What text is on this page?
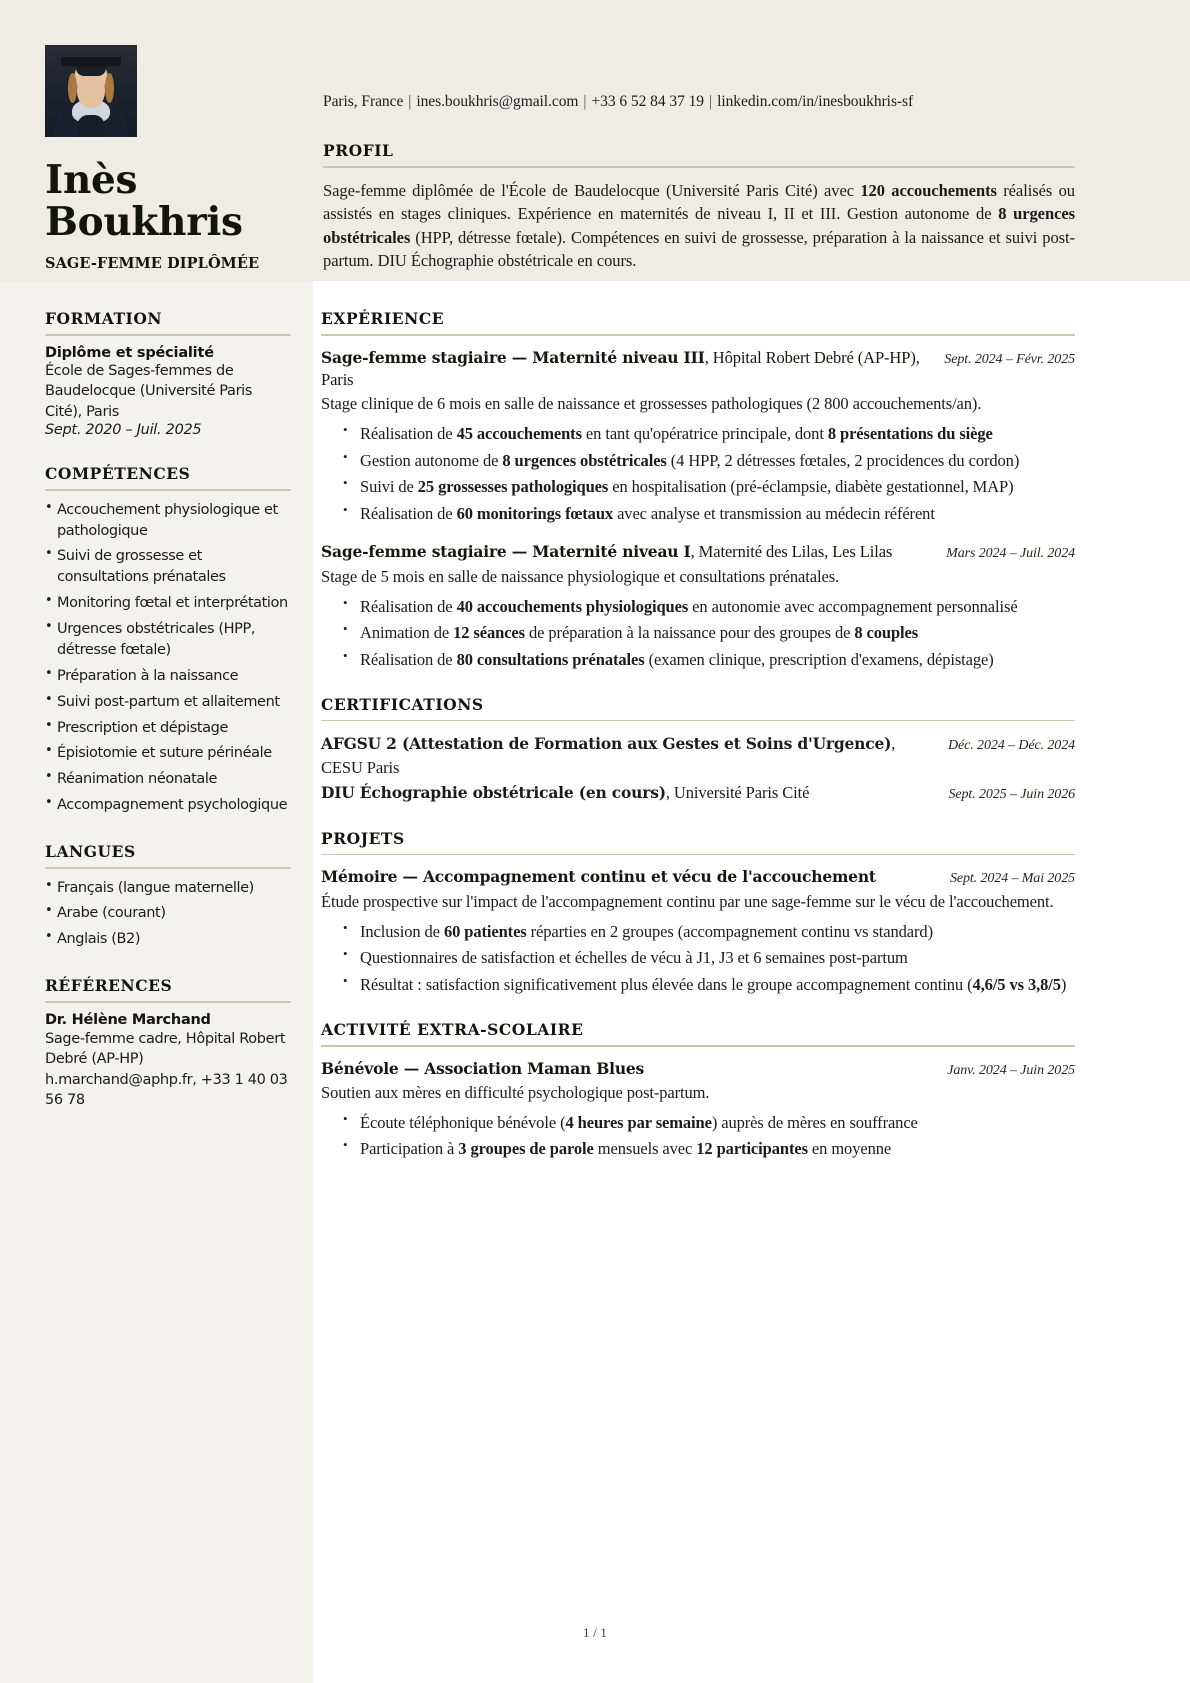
Inès
Boukhris
SAGE-FEMME DIPLÔMÉE
Paris, France | ines.boukhris@gmail.com | +33 6 52 84 37 19 | linkedin.com/in/inesboukhris-sf
PROFIL
Sage-femme diplômée de l'École de Baudelocque (Université Paris Cité) avec 120 accouchements réalisés ou assistés en stages cliniques. Expérience en maternités de niveau I, II et III. Gestion autonome de 8 urgences obstétricales (HPP, détresse fœtale). Compétences en suivi de grossesse, préparation à la naissance et suivi post-partum. DIU Échographie obstétricale en cours.
FORMATION
Diplôme et spécialité
École de Sages-femmes de Baudelocque (Université Paris Cité), Paris
Sept. 2020 – Juil. 2025
COMPÉTENCES
• Accouchement physiologique et pathologique
• Suivi de grossesse et consultations prénatales
• Monitoring fœtal et interprétation
• Urgences obstétricales (HPP, détresse fœtale)
• Préparation à la naissance
• Suivi post-partum et allaitement
• Prescription et dépistage
• Épisiotomie et suture périnéale
• Réanimation néonatale
• Accompagnement psychologique
LANGUES
• Français (langue maternelle)
• Arabe (courant)
• Anglais (B2)
RÉFÉRENCES
Dr. Hélène Marchand
Sage-femme cadre, Hôpital Robert Debré (AP-HP)
h.marchand@aphp.fr, +33 1 40 03 56 78
EXPÉRIENCE
Sage-femme stagiaire — Maternité niveau III, Hôpital Robert Debré (AP-HP), Paris
Sept. 2024 – Févr. 2025
Stage clinique de 6 mois en salle de naissance et grossesses pathologiques (2 800 accouchements/an).
• Réalisation de 45 accouchements en tant qu'opératrice principale, dont 8 présentations du siège
• Gestion autonome de 8 urgences obstétricales (4 HPP, 2 détresses fœtales, 2 procidences du cordon)
• Suivi de 25 grossesses pathologiques en hospitalisation (pré-éclampsie, diabète gestationnel, MAP)
• Réalisation de 60 monitorings fœtaux avec analyse et transmission au médecin référent
Sage-femme stagiaire — Maternité niveau I, Maternité des Lilas, Les Lilas	Mars 2024 – Juil. 2024
Stage de 5 mois en salle de naissance physiologique et consultations prénatales.
• Réalisation de 40 accouchements physiologiques en autonomie avec accompagnement personnalisé
• Animation de 12 séances de préparation à la naissance pour des groupes de 8 couples
• Réalisation de 80 consultations prénatales (examen clinique, prescription d'examens, dépistage)
CERTIFICATIONS
AFGSU 2 (Attestation de Formation aux Gestes et Soins d'Urgence), CESU Paris
Déc. 2024 – Déc. 2024
DIU Échographie obstétricale (en cours), Université Paris Cité	Sept. 2025 – Juin 2026
PROJETS
Mémoire — Accompagnement continu et vécu de l'accouchement	Sept. 2024 – Mai 2025
Étude prospective sur l'impact de l'accompagnement continu par une sage-femme sur le vécu de l'accouchement.
• Inclusion de 60 patientes réparties en 2 groupes (accompagnement continu vs standard)
• Questionnaires de satisfaction et échelles de vécu à J1, J3 et 6 semaines post-partum
• Résultat : satisfaction significativement plus élevée dans le groupe accompagnement continu (4,6/5 vs 3,8/5)
ACTIVITÉ EXTRA-SCOLAIRE
Bénévole — Association Maman Blues	Janv. 2024 – Juin 2025
Soutien aux mères en difficulté psychologique post-partum.
• Écoute téléphonique bénévole (4 heures par semaine) auprès de mères en souffrance
• Participation à 3 groupes de parole mensuels avec 12 participantes en moyenne
1 / 1
